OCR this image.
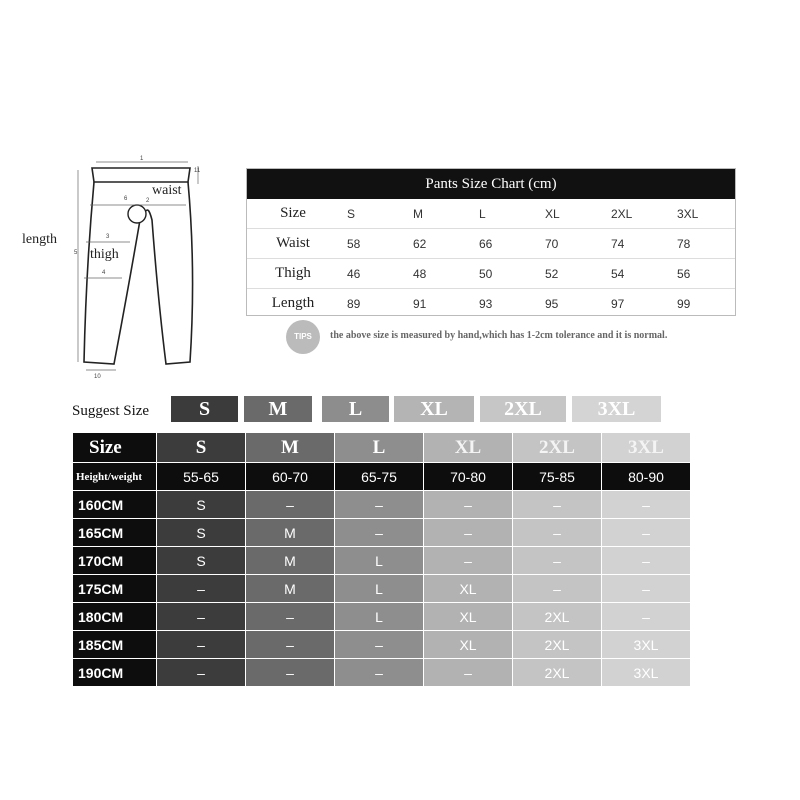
1
11
6	2
3
4
5
10
length
waist
thigh
Pants Size Chart (cm)
Size	S	M	L	XL	2XL	3XL
Waist	58	62	66	70	74	78
Thigh	46	48	50	52	54	56
Length	89	91	93	95	97	99
TIPS	the above size is measured by hand,which has 1-2cm tolerance and it is normal.
Suggest Size	S	M	L	XL	2XL	3XL
Size	S	M	L	XL	2XL	3XL
Height/weight	55-65	60-70	65-75	70-80	75-85	80-90
160CM	S	–	–	–	–	–
165CM	S	M	–	–	–	–
170CM	S	M	L	–	–	–
175CM	–	M	L	XL	–	–
180CM	–	–	L	XL	2XL	–
185CM	–	–	–	XL	2XL	3XL
190CM	–	–	–	–	2XL	3XL
